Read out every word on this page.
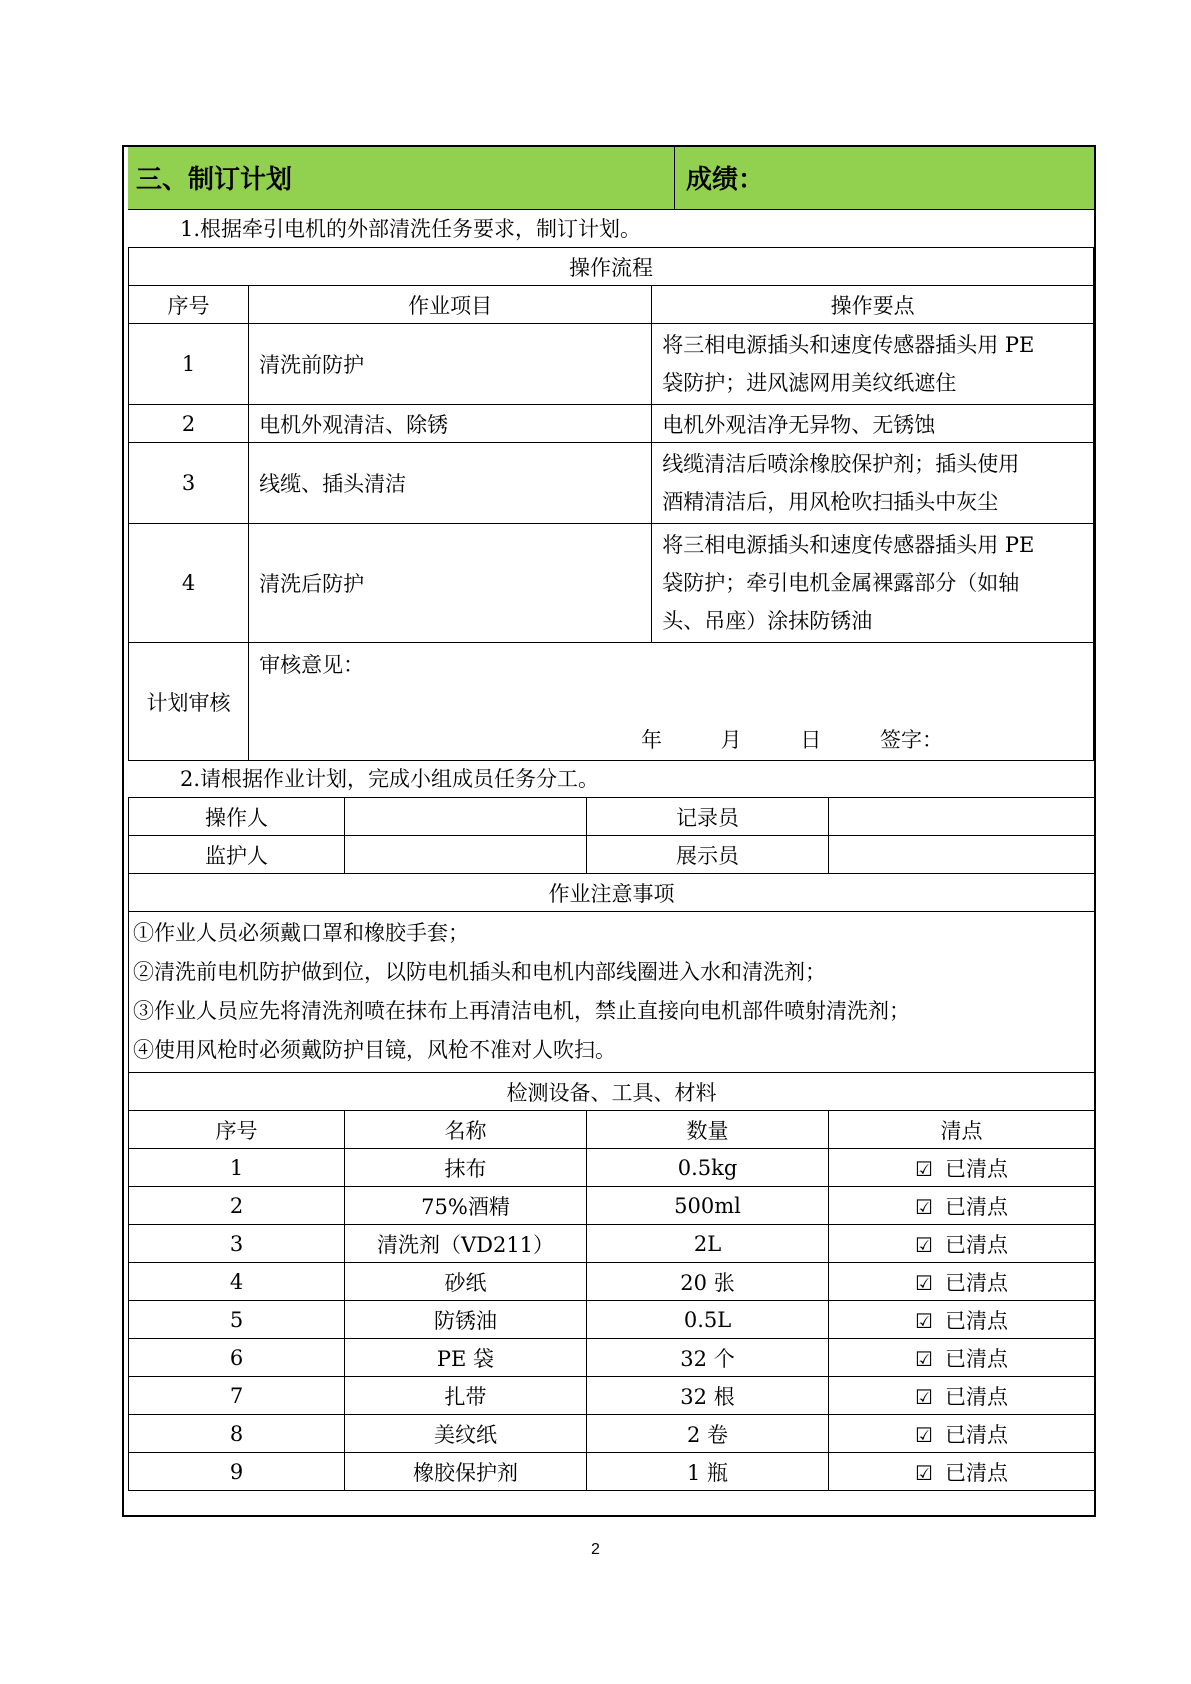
三、制订计划	成绩：
1.根据牵引电机的外部清洗任务要求，制订计划。
操作流程		
序号	作业项目	操作要点
1	清洗前防护	将三相电源插头和速度传感器插头用 PE
袋防护；进风滤网用美纹纸遮住

2	电机外观清洁、除锈	电机外观洁净无异物、无锈蚀
3	线缆、插头清洁	线缆清洁后喷涂橡胶保护剂；插头使用
酒精清洁后，用风枪吹扫插头中灰尘

4	清洗后防护	将三相电源插头和速度传感器插头用 PE
袋防护；牵引电机金属裸露部分（如轴
头、吊座）涂抹防锈油

计划审核	审核意见：
年 月 日 签字：	
2.请根据作业计划，完成小组成员任务分工。
操作人		记录员	
监护人		展示员	
作业注意事项			

①作业人员必须戴口罩和橡胶手套；
②清洗前电机防护做到位，以防电机插头和电机内部线圈进入水和清洗剂；
③作业人员应先将清洗剂喷在抹布上再清洁电机，禁止直接向电机部件喷射清洗剂；
④使用风枪时必须戴防护目镜，风枪不准对人吹扫。			

检测设备、工具、材料			
序号	名称	数量	清点
1	抹布	0.5kg	☑ 已清点
2	75%酒精	500ml	☑ 已清点
3	清洗剂（VD211）	2L	☑ 已清点
4	砂纸	20 张	☑ 已清点
5	防锈油	0.5L	☑ 已清点
6	PE 袋	32 个	☑ 已清点
7	扎带	32 根	☑ 已清点
8	美纹纸	2 卷	☑ 已清点
9	橡胶保护剂	1 瓶	☑ 已清点
2
